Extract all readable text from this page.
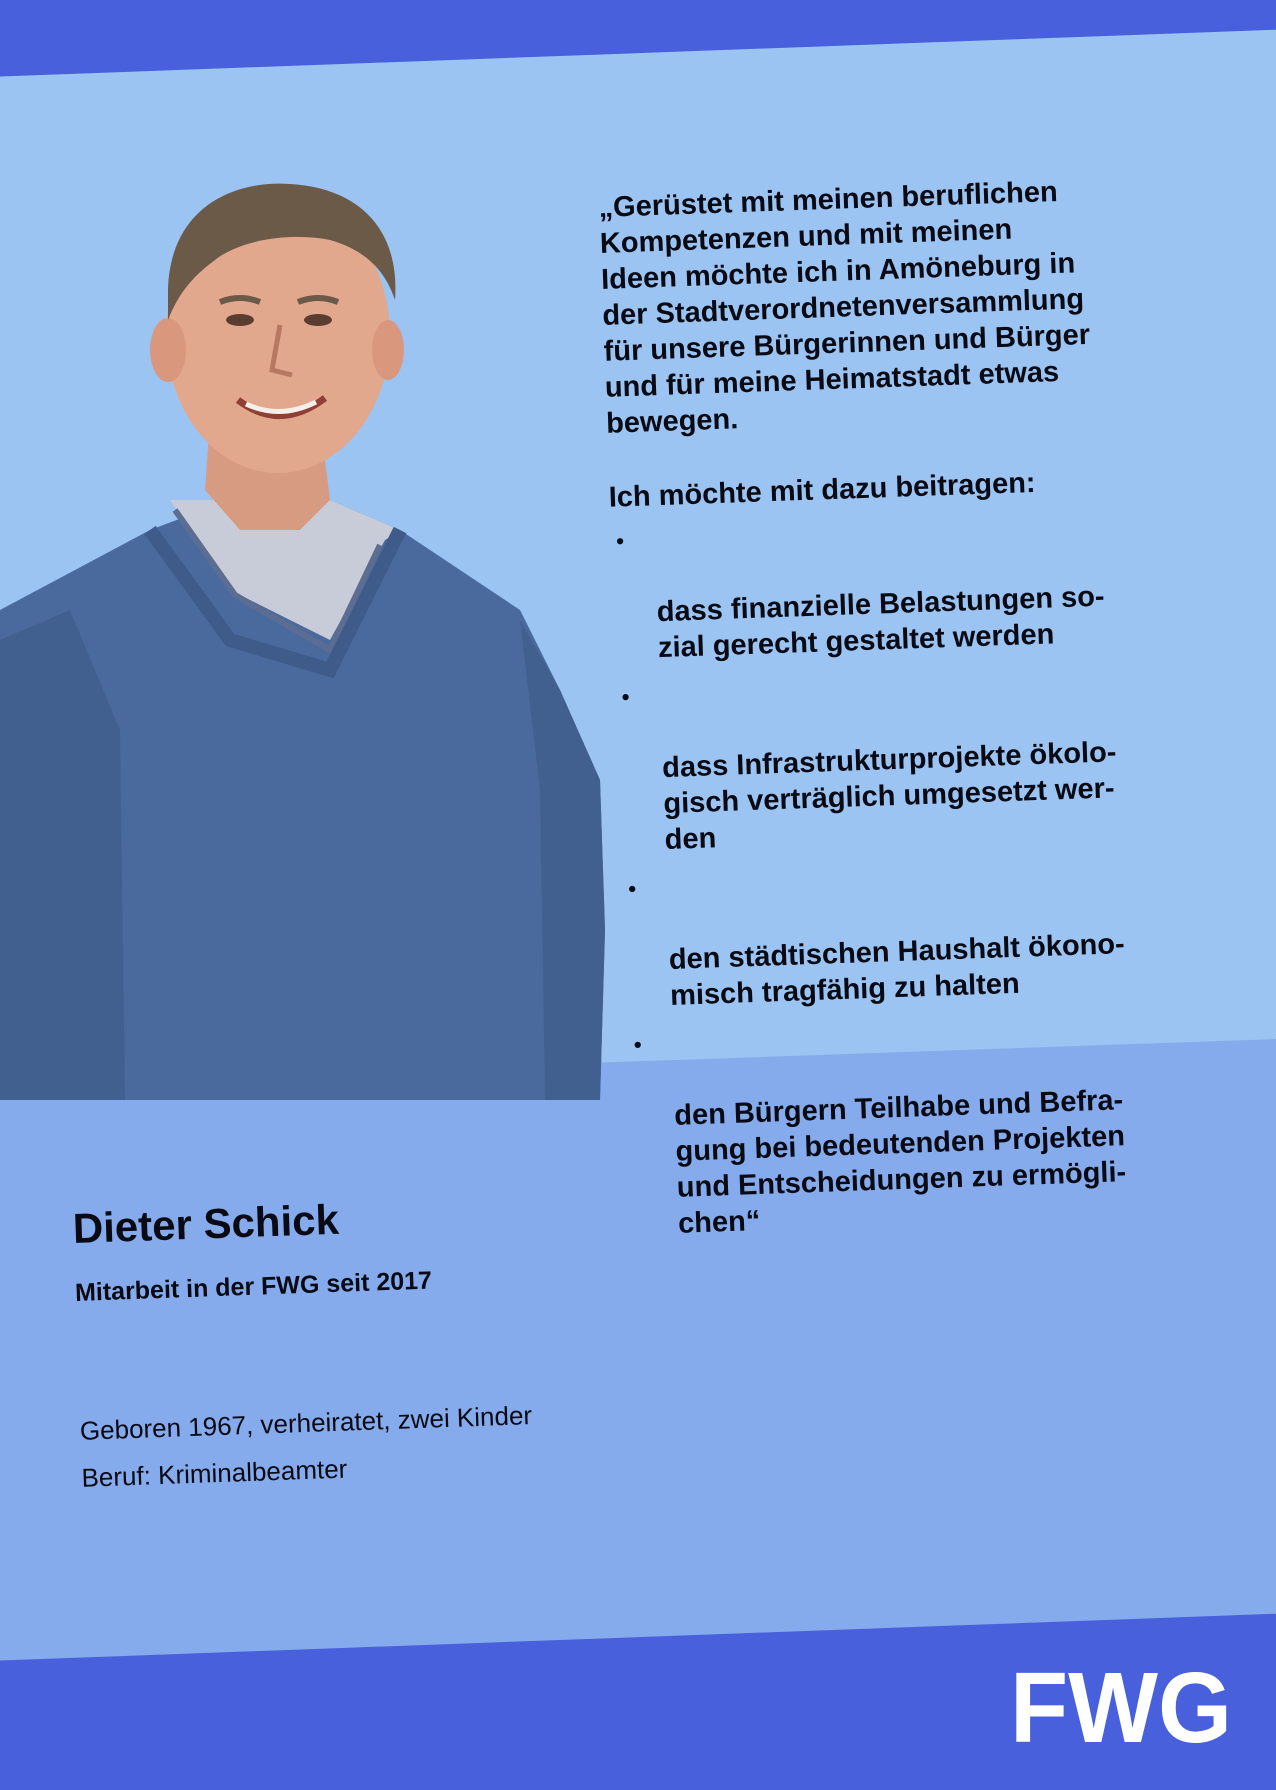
„Gerüstet mit meinen beruflichen
Kompetenzen und mit meinen
Ideen möchte ich in Amöneburg in
der Stadtverordnetenversammlung
für unsere Bürgerinnen und Bürger
und für meine Heimatstadt etwas
bewegen.

Ich möchte mit dazu beitragen:

•

dass finanzielle Belastungen so-
zial gerecht gestaltet werden

•

dass Infrastrukturprojekte ökolo-
gisch verträglich umgesetzt wer-
den

•

den städtischen Haushalt ökono-
misch tragfähig zu halten

•

den Bürgern Teilhabe und Befra-
gung bei bedeutenden Projekten
und Entscheidungen zu ermögli-
chen“

Dieter Schick
Mitarbeit in der FWG seit 2017
Geboren 1967, verheiratet, zwei Kinder
Beruf: Kriminalbeamter
FWG
